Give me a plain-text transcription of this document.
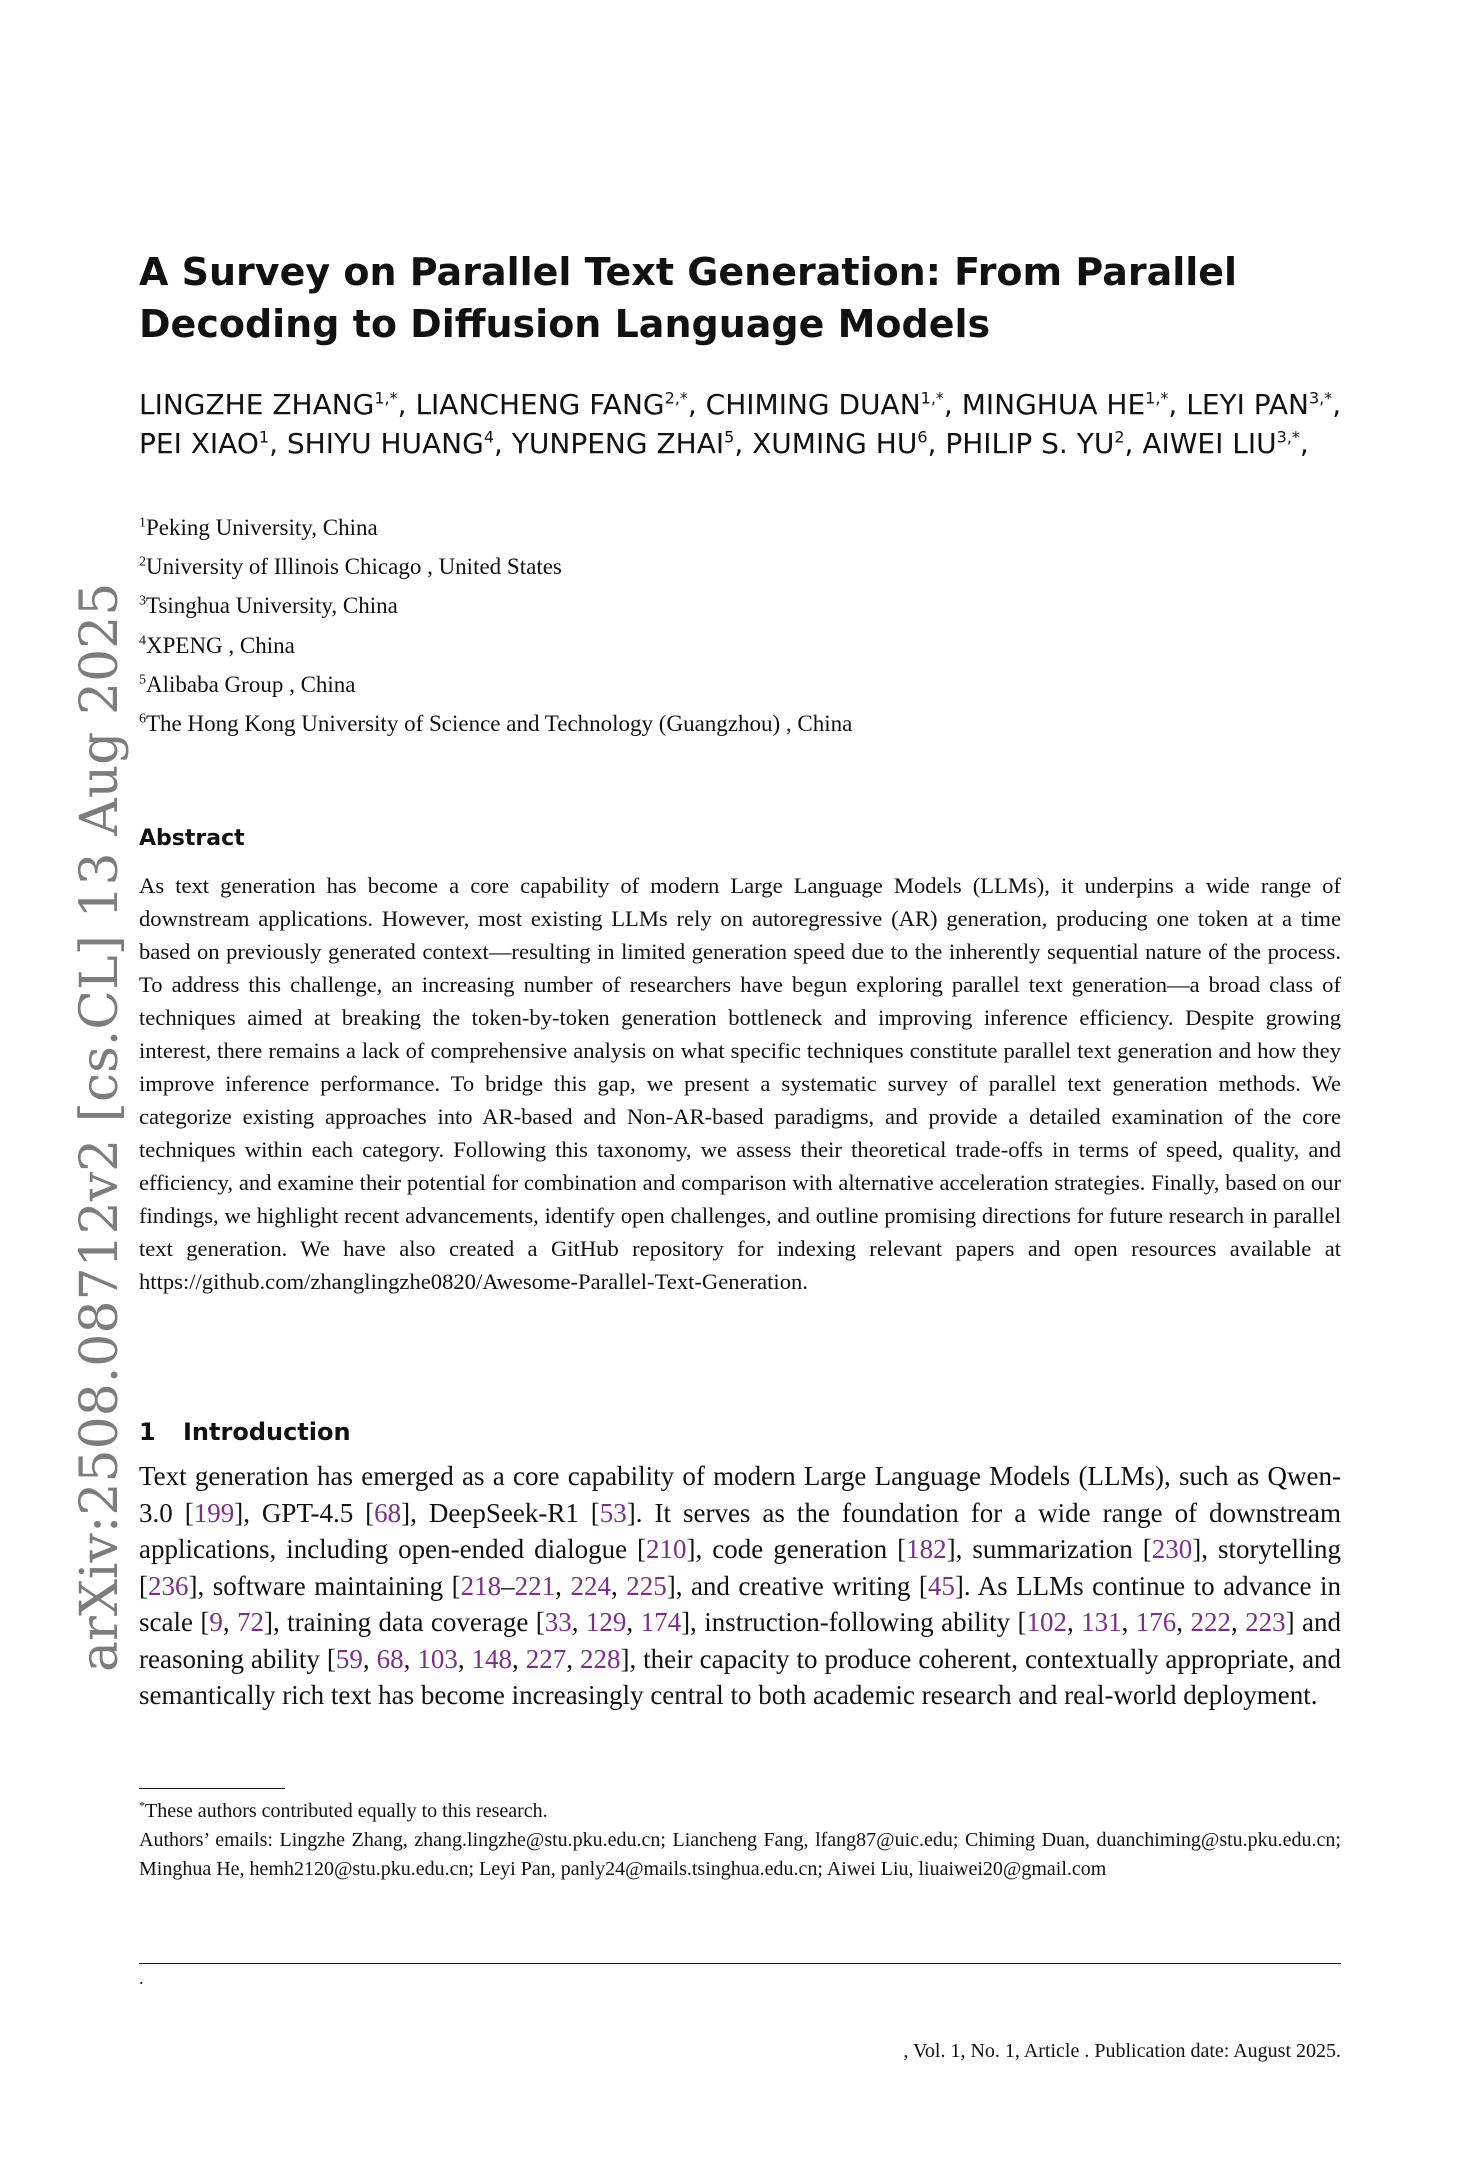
arXiv:2508.08712v2 [cs.CL] 13 Aug 2025
A Survey on Parallel Text Generation: From Parallel Decoding to Diffusion Language Models
LINGZHE $ZHANG^{1,*}$, LIANCHENG $FANG^{2,*}$, CHIMING $DUAN^{1,*}$, MINGHUA $HE^{1,*}$, LEYI $PAN^{3,*}$, PEI XIAO$^1$, SHIYU HUANG$^4$, YUNPENG ZHAI$^5$, XUMING $HU^6$, PHILIP S. $YU^2$, AIWEI $LIU^{3,*}$,
$^1$Peking University, China
$^2$University of Illinois Chicago , United States
$^3$Tsinghua University, China
$^4$XPENG , China
$^5$Alibaba Group , China
$^6$The Hong Kong University of Science and Technology (Guangzhou) , China
Abstract
As text generation has become a core capability of modern Large Language Models (LLMs), it underpins a wide range of downstream applications. However, most existing LLMs rely on autoregressive (AR) generation, producing one token at a time based on previously generated context—resulting in limited generation speed due to the inherently sequential nature of the process. To address this challenge, an increasing number of researchers have begun exploring parallel text generation—a broad class of techniques aimed at breaking the token-by-token generation bottleneck and improving inference efficiency. Despite growing interest, there remains a lack of comprehensive analysis on what specific techniques constitute parallel text generation and how they improve inference performance. To bridge this gap, we present a systematic survey of parallel text generation methods. We categorize existing approaches into AR-based and Non-AR-based paradigms, and provide a detailed examination of the core techniques within each category. Following this taxonomy, we assess their theoretical trade-offs in terms of speed, quality, and efficiency, and examine their potential for combination and comparison with alternative acceleration strategies. Finally, based on our findings, we highlight recent advancements, identify open challenges, and outline promising directions for future research in parallel text generation. We have also created a GitHub repository for indexing relevant papers and open resources available at https://github.com/zhanglingzhe0820/Awesome-Parallel-Text-Generation.
1 Introduction
Text generation has emerged as a core capability of modern Large Language Models (LLMs), such as Qwen-3.0 [199], GPT-4.5 [68], DeepSeek-R1 [53]. It serves as the foundation for a wide range of downstream applications, including open-ended dialogue [210], code generation [182], summarization [230], storytelling [236], software maintaining [218–221, 224, 225], and creative writing [45]. As LLMs continue to advance in scale [9, 72], training data coverage [33, 129, 174], instruction-following ability [102, 131, 176, 222, 223] and reasoning ability [59, 68, 103, 148, 227, 228], their capacity to produce coherent, contextually appropriate, and semantically rich text has become increasingly central to both academic research and real-world deployment.
*These authors contributed equally to this research.
Authors’ emails: Lingzhe Zhang, zhang.lingzhe@stu.pku.edu.cn; Liancheng Fang, lfang87@uic.edu; Chiming Duan, duanchiming@stu.pku.edu.cn; Minghua He, hemh2120@stu.pku.edu.cn; Leyi Pan, panly24@mails.tsinghua.edu.cn; Aiwei Liu, liuaiwei20@gmail.com
.
, Vol. 1, No. 1, Article . Publication date: August 2025.
